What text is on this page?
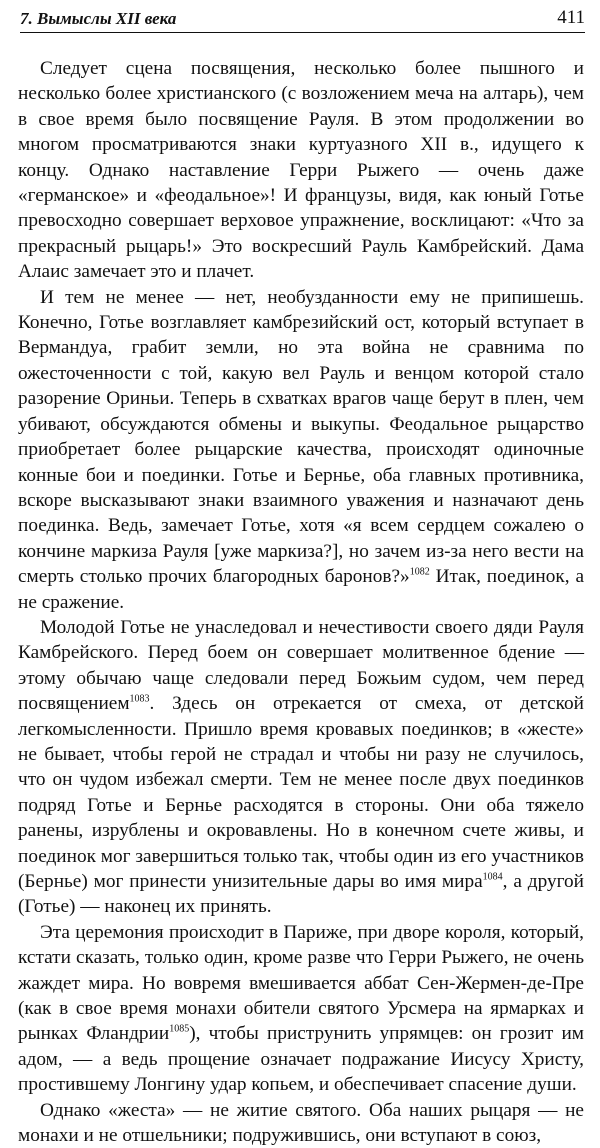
7. Вымыслы XII века	411

Следует сцена посвящения, несколько более пышного и несколько более христианского (с возложением меча на алтарь), чем в свое время было посвящение Рауля. В этом продолжении во многом просматриваются знаки куртуазного XII в., идущего к концу. Однако наставление Герри Рыжего — очень даже «германское» и «феодальное»! И французы, видя, как юный Готье превосходно совершает верховое упражнение, восклицают: «Что за прекрасный рыцарь!» Это воскресший Рауль Камбрейский. Дама Алаис замечает это и плачет.

И тем не менее — нет, необузданности ему не припишешь. Конечно, Готье возглавляет камбрезийский ост, который вступает в Вермандуа, грабит земли, но эта война не сравнима по ожесточенности с той, какую вел Рауль и венцом которой стало разорение Ориньи. Теперь в схватках врагов чаще берут в плен, чем убивают, обсуждаются обмены и выкупы. Феодальное рыцарство приобретает более рыцарские качества, происходят одиночные конные бои и поединки. Готье и Бернье, оба главных противника, вскоре высказывают знаки взаимного уважения и назначают день поединка. Ведь, замечает Готье, хотя «я всем сердцем сожалею о кончине маркиза Рауля [уже маркиза?], но зачем из-за него вести на смерть столько прочих благородных баронов?»$^{1082}$ Итак, поединок, а не сражение.

Молодой Готье не унаследовал и нечестивости своего дяди Рауля Камбрейского. Перед боем он совершает молитвенное бдение — этому обычаю чаще следовали перед Божьим судом, чем перед посвящением$^{1083}$. Здесь он отрекается от смеха, от детской легкомысленности. Пришло время кровавых поединков; в «жесте» не бывает, чтобы герой не страдал и чтобы ни разу не случилось, что он чудом избежал смерти. Тем не менее после двух поединков подряд Готье и Бернье расходятся в стороны. Они оба тяжело ранены, изрублены и окровавлены. Но в конечном счете живы, и поединок мог завершиться только так, чтобы один из его участников (Бернье) мог принести унизительные дары во имя мира$^{1084}$, а другой (Готье) — наконец их принять.

Эта церемония происходит в Париже, при дворе короля, который, кстати сказать, только один, кроме разве что Герри Рыжего, не очень жаждет мира. Но вовремя вмешивается аббат Сен-Жермен-де-Пре (как в свое время монахи обители святого Урсмера на ярмарках и рынках Фландрии$^{1085}$), чтобы приструнить упрямцев: он грозит им адом, — а ведь прощение означает подражание Иисусу Христу, простившему Лонгину удар копьем, и обеспечивает спасение души.

Однако «жеста» — не житие святого. Оба наших рыцаря — не монахи и не отшельники; подружившись, они вступают в союз,
